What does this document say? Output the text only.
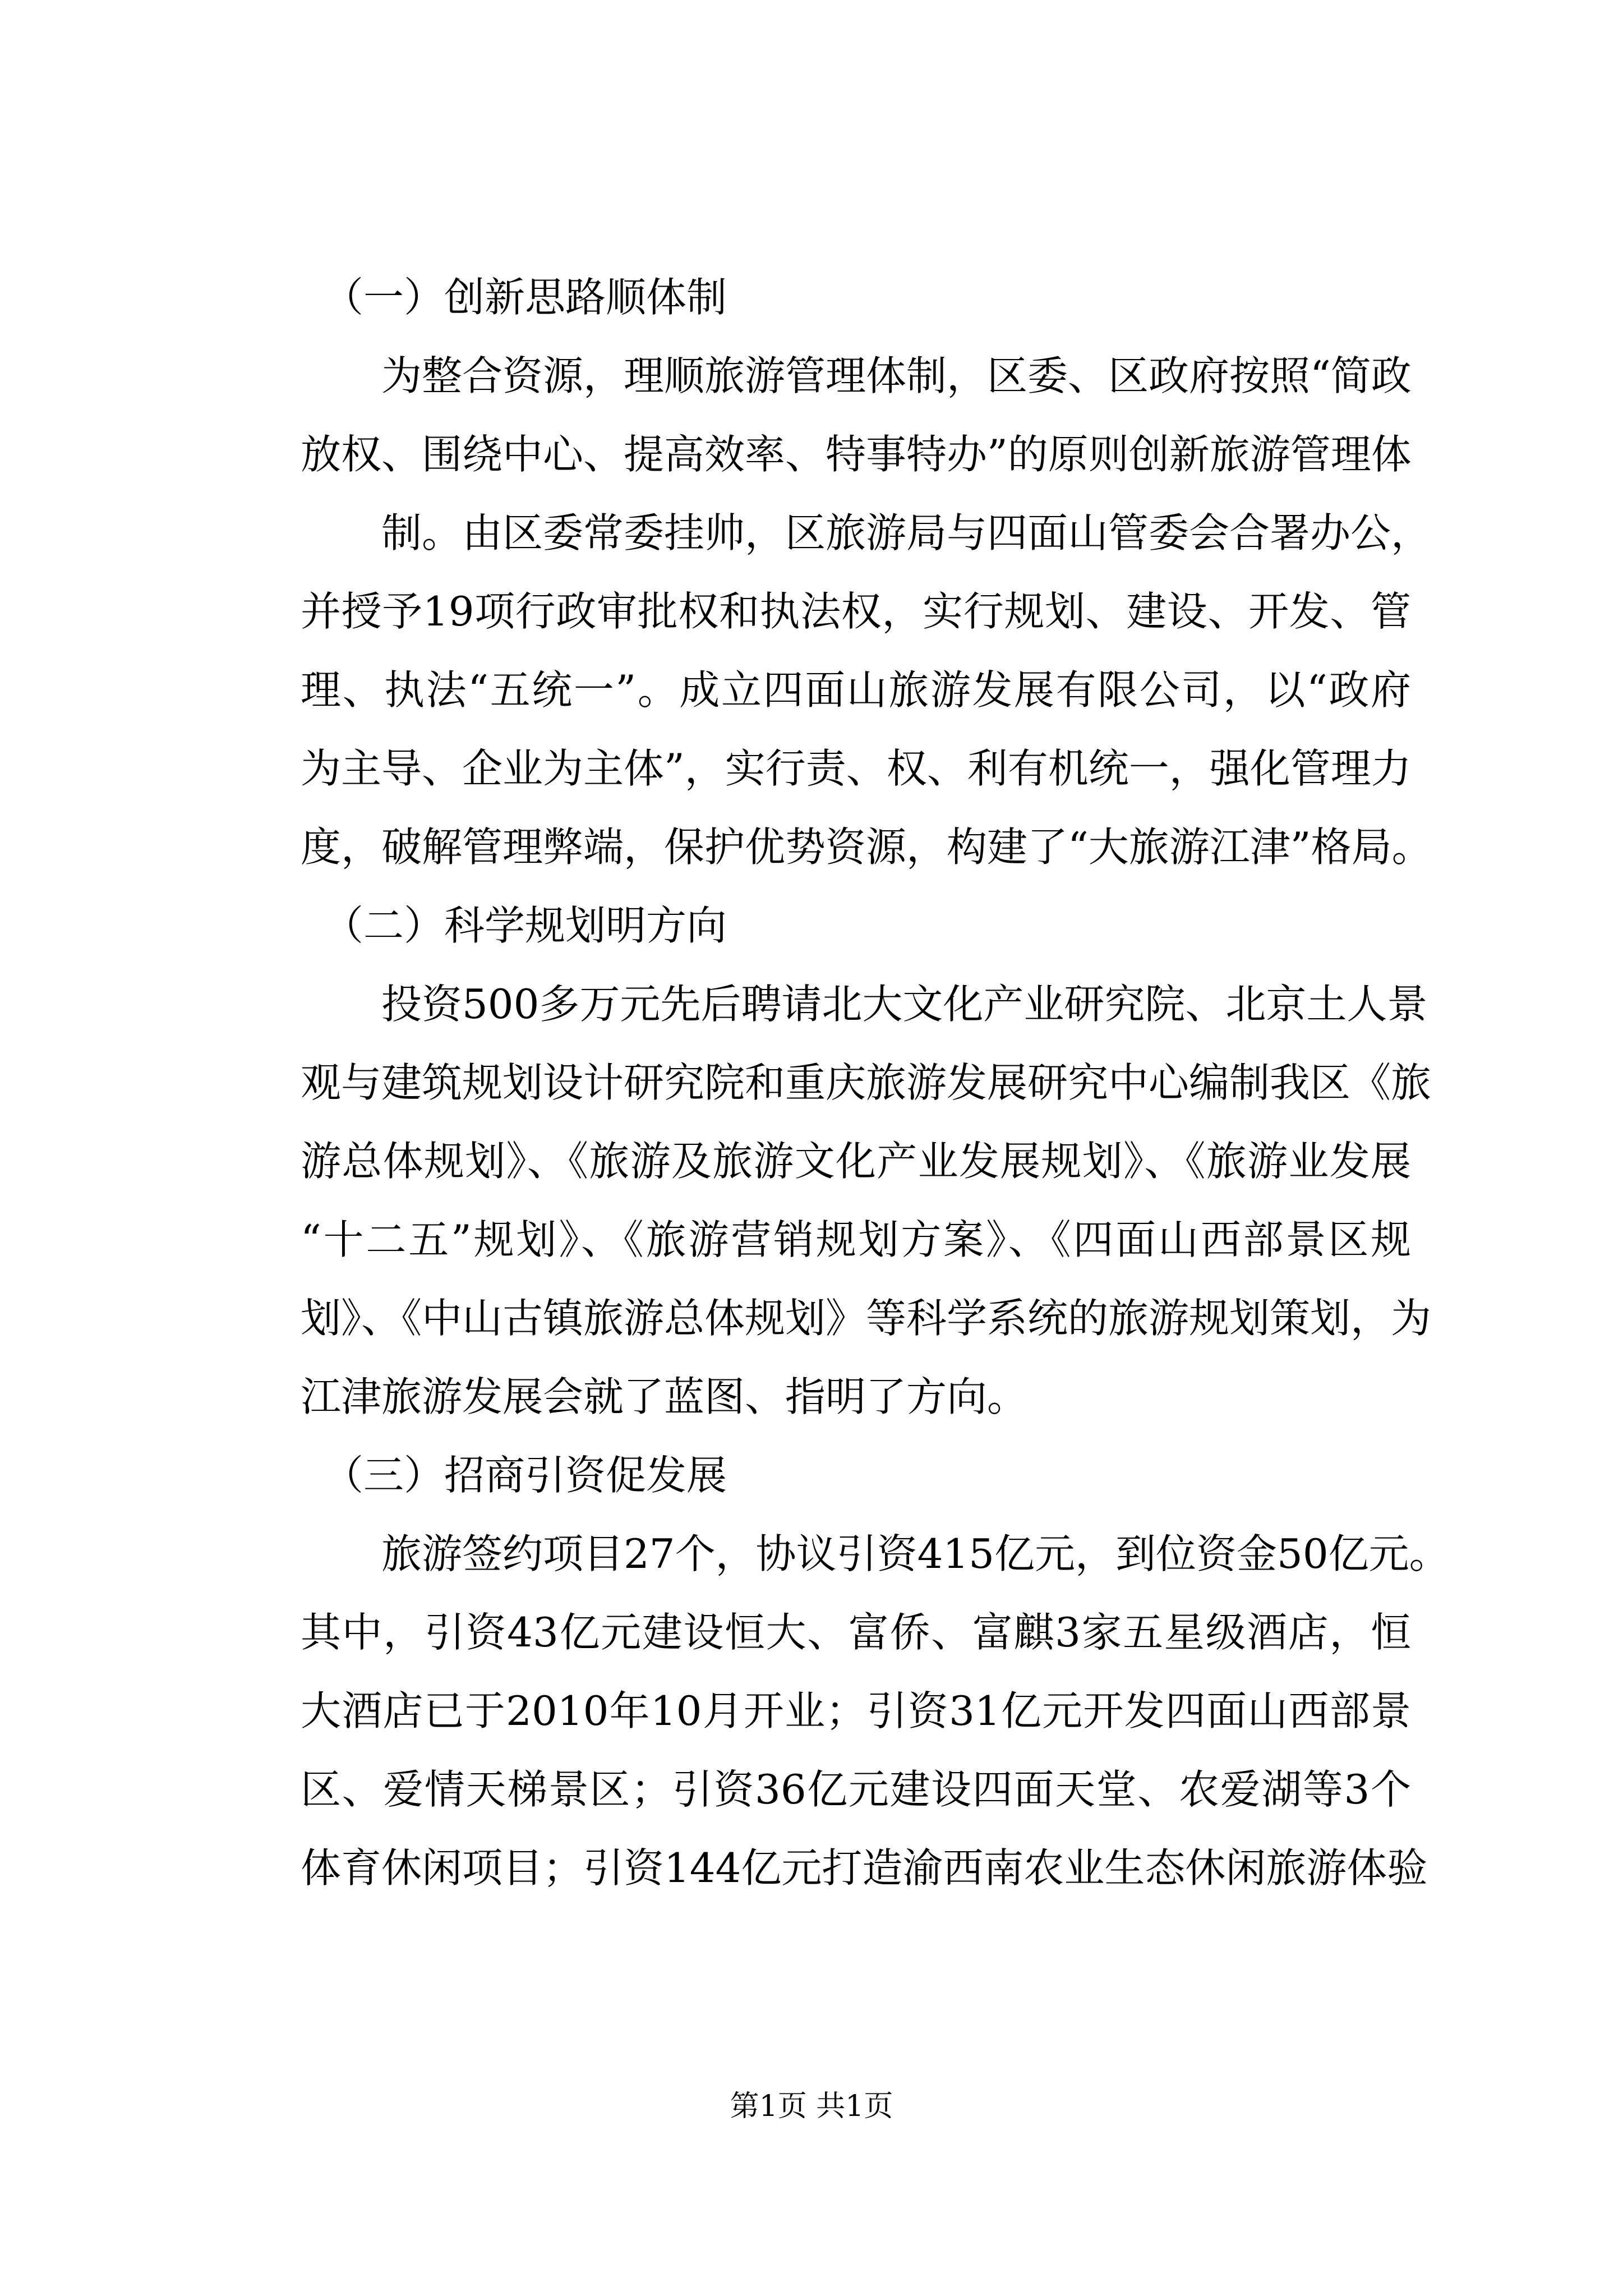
（一）创新思路顺体制
为整合资源，理顺旅游管理体制，区委、区政府按照“简政
放权、围绕中心、提高效率、特事特办”的原则创新旅游管理体
制。由区委常委挂帅，区旅游局与四面山管委会合署办公，
并授予19项行政审批权和执法权，实行规划、建设、开发、管
理、执法“五统一”。成立四面山旅游发展有限公司，以“政府
为主导、企业为主体”，实行责、权、利有机统一，强化管理力
度，破解管理弊端，保护优势资源，构建了“大旅游江津”格局。
（二）科学规划明方向
投资500多万元先后聘请北大文化产业研究院、北京土人景
观与建筑规划设计研究院和重庆旅游发展研究中心编制我区《旅
游总体规划》、《旅游及旅游文化产业发展规划》、《旅游业发展
“十二五”规划》、《旅游营销规划方案》、《四面山西部景区规
划》、《中山古镇旅游总体规划》等科学系统的旅游规划策划，为
江津旅游发展会就了蓝图、指明了方向。
（三）招商引资促发展
旅游签约项目27个，协议引资415亿元，到位资金50亿元。
其中，引资43亿元建设恒大、富侨、富麒3家五星级酒店，恒
大酒店已于2010年10月开业；引资31亿元开发四面山西部景
区、爱情天梯景区；引资36亿元建设四面天堂、农爱湖等3个
体育休闲项目；引资144亿元打造渝西南农业生态休闲旅游体验
第1页 共1页
